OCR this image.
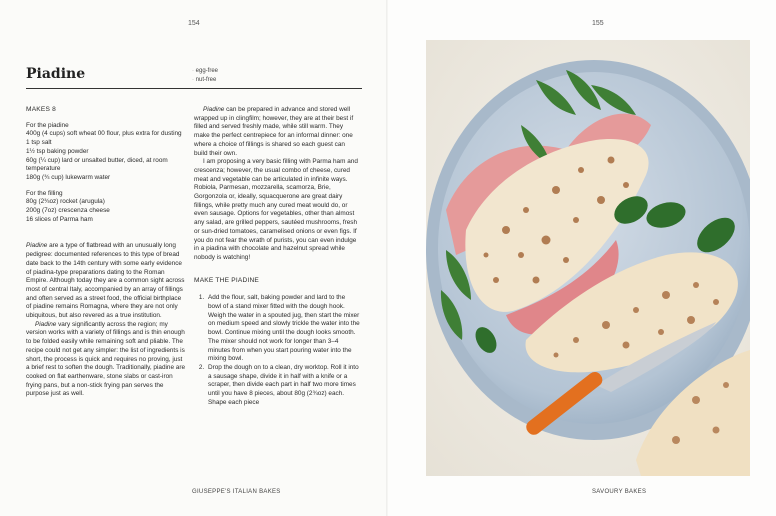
154
Piadine
·	egg-free
· nut-free

MAKES 8

For the piadine

400g (4 cups) soft wheat 00 flour, plus extra for dusting

1 tsp salt

1½ tsp baking powder

60g (¼ cup) lard or unsalted butter, diced, at room temperature

180g (¾ cup) lukewarm water

For the filling

80g (2¾oz) rocket (arugula)

200g (7oz) crescenza cheese

16 slices of Parma ham

Piadine are a type of flatbread with an unusually long pedigree: documented references to this type of bread date back to the 14th century with some early evidence of piadina-type preparations dating to the Roman Empire. Although today they are a common sight across most of central Italy, accompanied by an array of fillings and often served as a street food, the official birthplace of piadine remains Romagna, where they are not only ubiquitous, but also revered as a true institution.

Piadine vary significantly across the region; my version works with a variety of fillings and is thin enough to be folded easily while remaining soft and pliable. The recipe could not get any simpler: the list of ingredients is short, the process is quick and requires no proving, just a brief rest to soften the dough. Traditionally, piadine are cooked on flat earthenware, stone slabs or cast-iron frying pans, but a non-stick frying pan serves the purpose just as well.

Piadine can be prepared in advance and stored well wrapped up in clingfilm; however, they are at their best if filled and served freshly made, while still warm. They make the perfect centrepiece for an informal dinner: one where a choice of fillings is shared so each guest can build their own.

I am proposing a very basic filling with Parma ham and crescenza; however, the usual combo of cheese, cured meat and vegetable can be articulated in infinite ways. Robiola, Parmesan, mozzarella, scamorza, Brie, Gorgonzola or, ideally, squacquerone are great dairy fillings, while pretty much any cured meat would do, or even sausage. Options for vegetables, other than almost any salad, are grilled peppers, sautéed mushrooms, fresh or sun-dried tomatoes, caramelised onions or even figs. If you do not fear the wrath of purists, you can even indulge in a piadina with chocolate and hazelnut spread while nobody is watching!

MAKE THE PIADINE

1. Add the flour, salt, baking powder and lard to the bowl of a stand mixer fitted with the dough hook. Weigh the water in a spouted jug, then start the mixer on medium speed and slowly trickle the water into the bowl. Continue mixing until the dough looks smooth. The mixer should not work for longer than 3–4 minutes from when you start pouring water into the mixing bowl.
2. Drop the dough on to a clean, dry worktop. Roll it into a sausage shape, divide it in half with a knife or a scraper, then divide each part in half two more times until you have 8 pieces, about 80g (2¾oz) each. Shape each piece
GIUSEPPE'S ITALIAN BAKES
155
SAVOURY BAKES
